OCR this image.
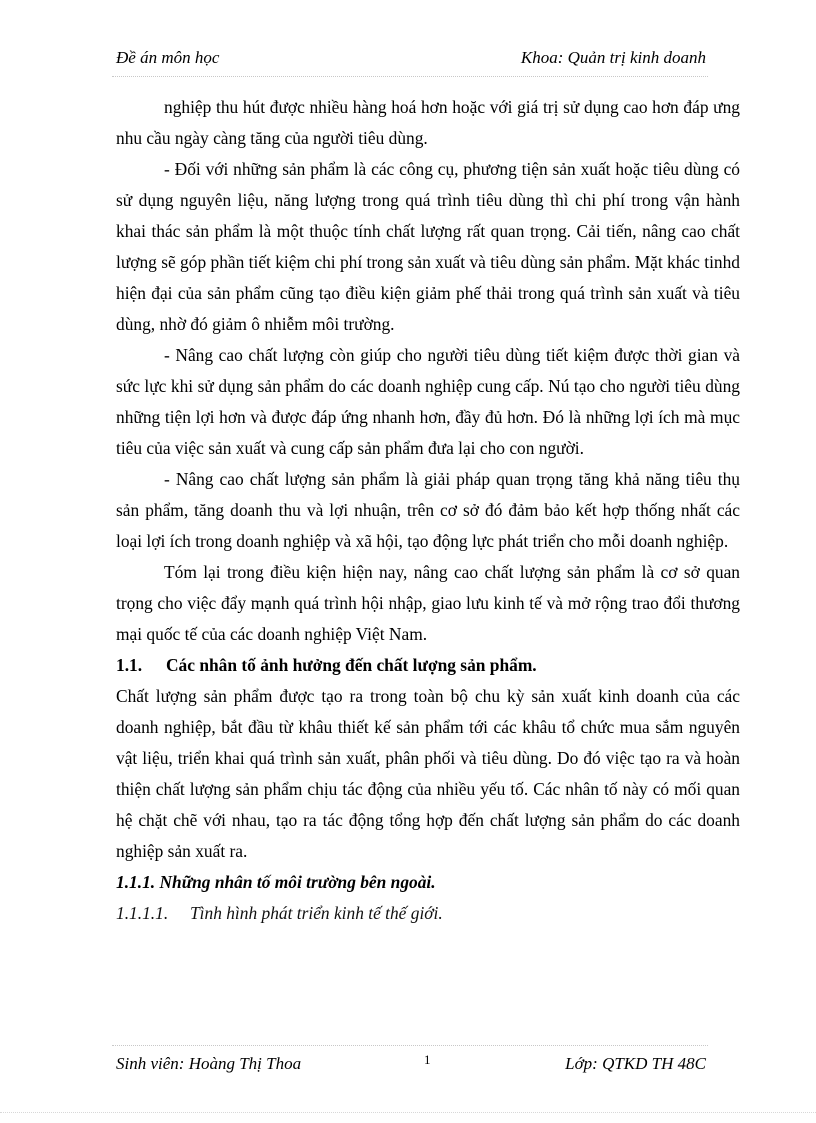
Đề án môn học	Khoa: Quản trị kinh doanh

nghiệp thu hút được nhiều hàng hoá hơn hoặc với giá trị sử dụng cao hơn đáp ưng nhu cầu ngày càng tăng của người tiêu dùng.

- Đối với những sản phẩm là các công cụ, phương tiện sản xuất hoặc tiêu dùng có sử dụng nguyên liệu, năng lượng trong quá trình tiêu dùng thì chi phí trong vận hành khai thác sản phẩm là một thuộc tính chất lượng rất quan trọng. Cải tiến, nâng cao chất lượng sẽ góp phần tiết kiệm chi phí trong sản xuất và tiêu dùng sản phẩm. Mặt khác tinhd hiện đại của sản phẩm cũng tạo điều kiện giảm phế thải trong quá trình sản xuất và tiêu dùng, nhờ đó giảm ô nhiễm môi trường.

- Nâng cao chất lượng còn giúp cho người tiêu dùng tiết kiệm được thời gian và sức lực khi sử dụng sản phẩm do các doanh nghiệp cung cấp. Nú tạo cho người tiêu dùng những tiện lợi hơn và được đáp ứng nhanh hơn, đầy đủ hơn. Đó là những lợi ích mà mục tiêu của việc sản xuất và cung cấp sản phẩm đưa lại cho con người.

- Nâng cao chất lượng sản phẩm là giải pháp quan trọng tăng khả năng tiêu thụ sản phẩm, tăng doanh thu và lợi nhuận, trên cơ sở đó đảm bảo kết hợp thống nhất các loại lợi ích trong doanh nghiệp và xã hội, tạo động lực phát triển cho mỗi doanh nghiệp.

Tóm lại trong điều kiện hiện nay, nâng cao chất lượng sản phẩm là cơ sở quan trọng cho việc đẩy mạnh quá trình hội nhập, giao lưu kinh tế và mở rộng trao đổi thương mại quốc tế của các doanh nghiệp Việt Nam.

1.1.	Các nhân tố ảnh hưởng đến chất lượng sản phẩm.

Chất lượng sản phẩm được tạo ra trong toàn bộ chu kỳ sản xuất kinh doanh của các doanh nghiệp, bắt đầu từ khâu thiết kế sản phẩm tới các khâu tổ chức mua sắm nguyên vật liệu, triển khai quá trình sản xuất, phân phối và tiêu dùng. Do đó việc tạo ra và hoàn thiện chất lượng sản phẩm chịu tác động của nhiều yếu tố. Các nhân tố này có mối quan hệ chặt chẽ với nhau, tạo ra tác động tổng hợp đến chất lượng sản phẩm do các doanh nghiệp sản xuất ra.

1.1.1. Những nhân tố môi trường bên ngoài.

1.1.1.1.	Tình hình phát triển kinh tế thế giới.

Sinh viên: Hoàng Thị Thoa	1	Lớp: QTKD TH 48C
